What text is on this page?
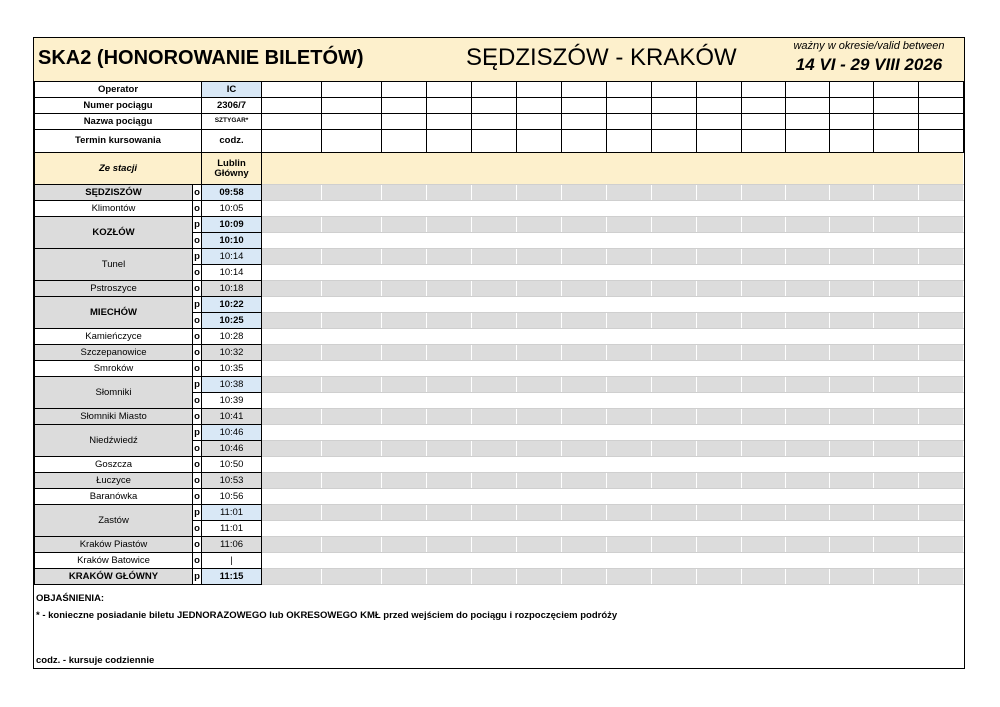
SKA2 (HONOROWANIE BILETÓW)	SĘDZISZÓW - KRAKÓW	ważny w okresie/valid between
14 VI - 29 VIII 2026
Operator		IC															
Numer pociągu		2306/7															
Nazwa pociągu		SZTYGAR*															
Termin kursowania		codz.															
Ze stacji		Lublin
Główny															

SĘDZISZÓW	o	09:58															
Klimontów	o	10:05															
KOZŁÓW	p	10:09															
	o	10:10															
Tunel	p	10:14															
	o	10:14															
Pstroszyce	o	10:18															
MIECHÓW	p	10:22															
	o	10:25															
Kamieńczyce	o	10:28															
Szczepanowice	o	10:32															
Smroków	o	10:35															
Słomniki	p	10:38															
	o	10:39															
Słomniki Miasto	o	10:41															
Niedźwiedź	p	10:46															
	o	10:46															
Goszcza	o	10:50															
Łuczyce	o	10:53															
Baranówka	o	10:56															
Zastów	p	11:01															
	o	11:01															
Kraków Piastów	o	11:06															
Kraków Batowice	o	|															
KRAKÓW GŁÓWNY	p	11:15															
OBJAŚNIENIA:
* - konieczne posiadanie biletu JEDNORAZOWEGO lub OKRESOWEGO KMŁ przed wejściem do pociągu i rozpoczęciem podróży
codz. - kursuje codziennie
